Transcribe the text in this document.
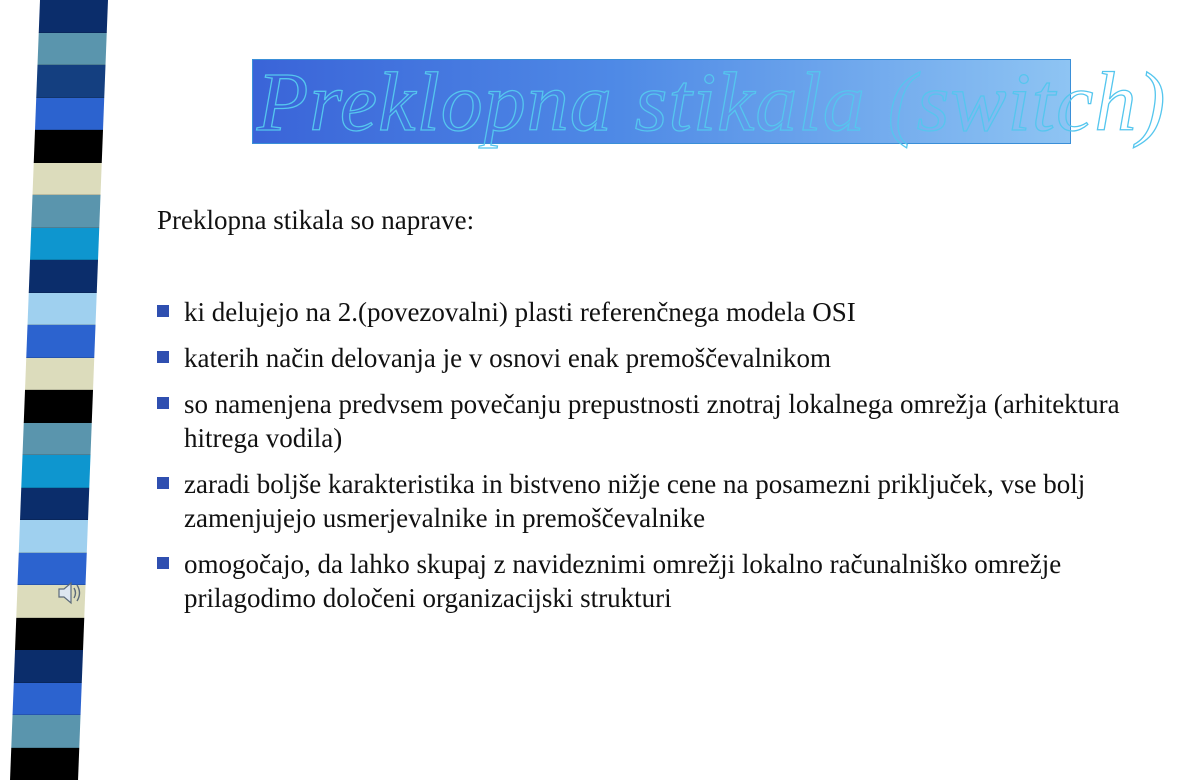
Preklopna stikala (switch)
Preklopna stikala so naprave:
ki delujejo na 2.(povezovalni) plasti referenčnega modela OSI
katerih način delovanja je v osnovi enak premoščevalnikom
so namenjena predvsem povečanju prepustnosti znotraj lokalnega omrežja (arhitektura hitrega vodila)
zaradi boljše karakteristika in bistveno nižje cene na posamezni priključek, vse bolj zamenjujejo usmerjevalnike in premoščevalnike
omogočajo, da lahko skupaj z navideznimi omrežji lokalno računalniško omrežje prilagodimo določeni organizacijski strukturi
